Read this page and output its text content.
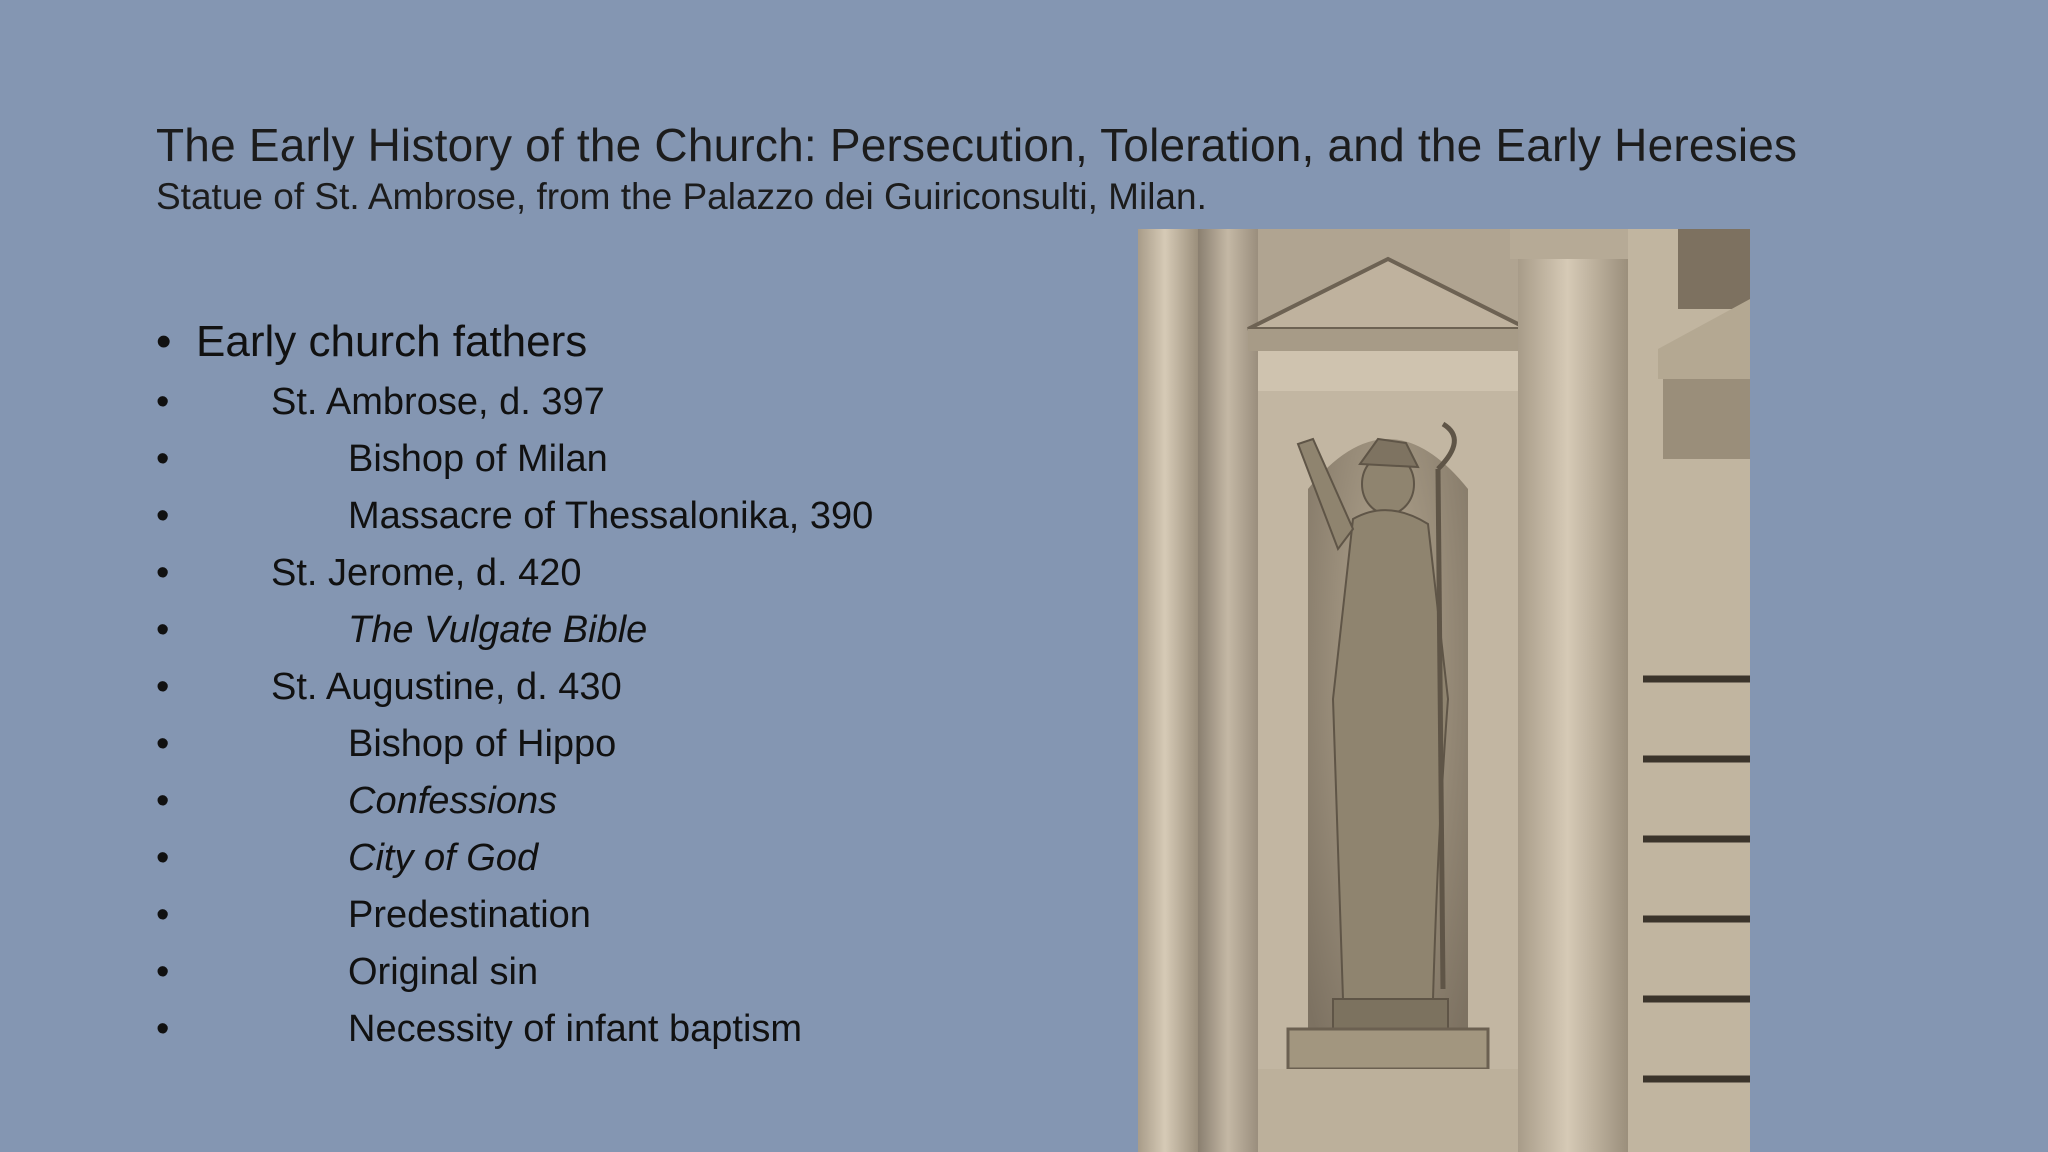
The Early History of the Church: Persecution, Toleration, and the Early Heresies
Statue of St. Ambrose, from the Palazzo dei Guiriconsulti, Milan.
• Early church fathers
•	St. Ambrose, d. 397
•	Bishop of Milan
•	Massacre of Thessalonika, 390
•	St. Jerome, d. 420
•	The Vulgate Bible
•	St. Augustine, d. 430
•	Bishop of Hippo
•	Confessions
•	City of God
•	Predestination
•	Original sin
•	Necessity of infant baptism
